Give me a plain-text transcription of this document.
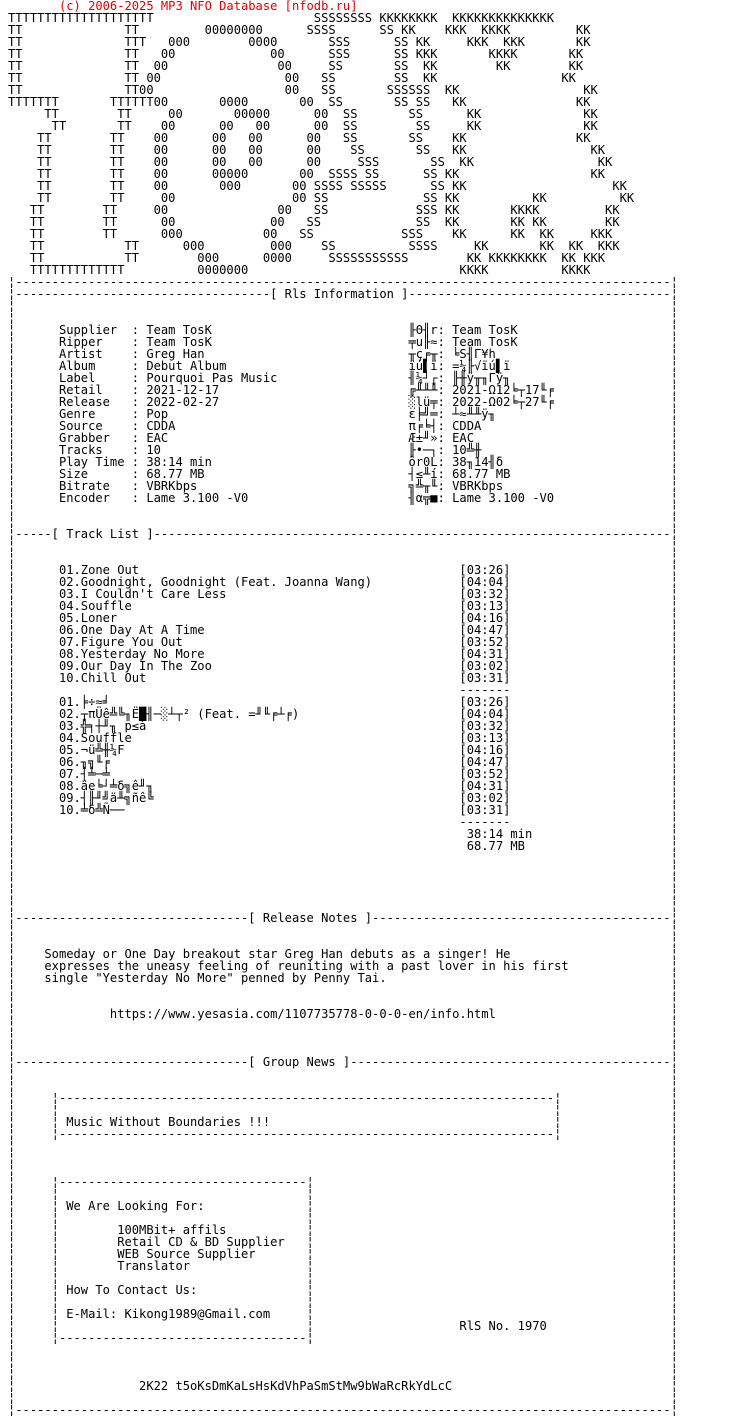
(c) 2006-2025 MP3 NFO Database [nfodb.ru]
TTTTTTTTTTTTTTTTTTTT                      SSSSSSSS KKKKKKKK  KKKKKKKKKKKKKK
TT              TT         00000000      SSSS      SS KK    KKK  KKKK         KK
TT              TTT   000        0000       SSS      SS KK     KKK  KKK       KK
TT              TT   00             00      SSS      SS KKK       KKKK       KK
TT              TT  00               00     SS       SS  KK        KK        KK
TT              TT 00                 00   SS        SS  KK                 KK
TT              TT00                  00   SS       SSSSSS  KK                 KK
TTTTTTT       TTTTTT00       0000       00  SS       SS SS   KK               KK
TT        TT     00       00000      00  SS       SS      KK              KK
TT       TT    00      00   00      00  SS        SS     KK              KK
TT        TT    00      00   00      00   SS       SS    KK               KK
TT        TT    00      00   00      00    SS       SS   KK                 KK
TT        TT    00      00   00      00     SSS       SS  KK                 KK
TT        TT    00      00000       00  SSSS SS      SS KK                  KK
TT        TT    00       000       00 SSSS SSSSS      SS KK                    KK
TT        TT     00                00 SS             SS KK          KK          KK
TT        TT     00               00   SS            SSS KK       KKKK         KK
TT        TT      00             00   SS             SS  KK       KK KK        KK
TT        TT      000           00   SS            SSS    KK      KK  KK     KKK
TT           TT      000         000    SS          SSSS     KK       KK  KK  KKK
TT           TT        000      0000     SSSSSSSSSSS        KK KKKKKKKK  KK KKK
TTTTTTTTTTTTT          0000000                             KKKK          KKKK
¦------------------------------------------------------------------------------------------¦
¦-----------------------------------[ Rls Information ]------------------------------------¦
¦                                                                                          ¦
¦                                                                                          ¦
¦      Supplier  : Team TosK                           ╟Θ╢r: Team TosK                     ¦
¦      Ripper    : Team TosK                           ╤u╟≈: Team TosK                     ¦
¦      Artist    : Greg Han                            ╥ç╒╥: ╘S╢Γ¥h                        ¦
¦      Album     : Debut Album                         ïú▌ï: =¼╟√ïú▌ï                      ¦
¦      Label     : Pourquoi Pas Music                  ╢¼┘┌: ╟╫ÿ╥╖Γÿ╖                      ¦
¦      Retail    : 2021-12-17                          ╔╨╨╨: 2021-Ω12╘┬17╙╒                ¦
¦      Release   : 2022-02-27                          ░lü╤: 2022-Ω02╘┬27╙╒                ¦
¦      Genre     : Pop                                 ε╞╝═: ┴≈╨╨ÿ╖                        ¦
¦      Source    : CDDA                                π╒╘┤: CDDA                          ¦
¦      Grabber   : EAC                                 Æ±╜»: EAC                           ¦
¦      Tracks    : 10                                  ╟•─┐: 10╩╫                          ¦
¦      Play Time : 38:14 min                           ôr0L: 38╖14╢δ                       ¦
¦      Size      : 68.77 MB                            ┤≤╨í: 68.77 MB                      ¦
¦      Bitrate   : VBRKbps                             ╗╩╥╙: VBRKbps                       ¦
¦      Encoder   : Lame 3.100 -V0                      ╢α╦■: Lame 3.100 -V0                ¦
¦                                                                                          ¦
¦                                                                                          ¦
¦-----[ Track List ]-----------------------------------------------------------------------¦
¦                                                                                          ¦
¦                                                                                          ¦
¦      01.Zone Out                                            [03:26]                      ¦
¦      02.Goodnight, Goodnight (Feat. Joanna Wang)            [04:04]                      ¦
¦      03.I Couldn't Care Less                                [03:32]                      ¦
¦      04.Souffle                                             [03:13]                      ¦
¦      05.Loner                                               [04:16]                      ¦
¦      06.One Day At A Time                                   [04:47]                      ¦
¦      07.Figure You Out                                      [03:52]                      ¦
¦      08.Yesterday No More                                   [04:31]                      ¦
¦      09.Our Day In The Zoo                                  [03:02]                      ¦
¦      10.Chill Out                                           [03:31]                      ¦
¦                                                             -------                      ¦
¦      01.╞÷≈╛                                                [03:26]                      ¦
¦      02.┬πÜê╩╚╖Ё█╢─░┴┬² (Feat. =╜╙╒┴╒)                      [04:04]                      ¦
¦      03.╬╕┼╜╖ p≤à                                           [03:32]                      ¦
¦      04.Souffle                                             [03:13]                      ¦
¦      05.¬ü╩╫¼F                                              [04:16]                      ¦
¦      06.╖╗╙╒                                                [04:47]                      ¦
¦      07.┤╧─╧                                                [03:52]                      ¦
¦      08.äe╘┘╧δ╗ê╜╖                                          [04:31]                      ¦
¦      09.┤╟╜╝ä╨╗ñê╚                                          [03:02]                      ¦
¦      10.╧δ╩Ñ──                                              [03:31]                      ¦
¦                                                             -------                      ¦
¦                                                              38:14 min                   ¦
¦                                                              68.77 MB                    ¦
¦                                                                                          ¦
¦                                                                                          ¦
¦                                                                                          ¦
¦                                                                                          ¦
¦                                                                                          ¦
¦--------------------------------[ Release Notes ]-----------------------------------------¦
¦                                                                                          ¦
¦                                                                                          ¦
¦    Someday or One Day breakout star Greg Han debuts as a singer! He                      ¦
¦    expresses the uneasy feeling of reuniting with a past lover in his first              ¦
¦    single "Yesterday No More" penned by Penny Tai.                                       ¦
¦                                                                                          ¦
¦                                                                                          ¦
¦             https://www.yesasia.com/1107735778-0-0-0-en/info.html                        ¦
¦                                                                                          ¦
¦                                                                                          ¦
¦                                                                                          ¦
¦--------------------------------[ Group News ]--------------------------------------------¦
¦                                                                                          ¦
¦                                                                                          ¦
¦     ¦--------------------------------------------------------------------¦               ¦
¦     ¦                                                                    ¦               ¦
¦     ¦ Music Without Boundaries !!!                                       ¦               ¦
¦     ¦--------------------------------------------------------------------¦               ¦
¦                                                                                          ¦
¦                                                                                          ¦
¦                                                                                          ¦
¦     ¦----------------------------------¦                                                 ¦
¦     ¦                                  ¦                                                 ¦
¦     ¦ We Are Looking For:              ¦                                                 ¦
¦     ¦                                  ¦                                                 ¦
¦     ¦        100MBit+ affils           ¦                                                 ¦
¦     ¦        Retail CD & BD Supplier   ¦                                                 ¦
¦     ¦        WEB Source Supplier       ¦                                                 ¦
¦     ¦        Translator                ¦                                                 ¦
¦     ¦                                  ¦                                                 ¦
¦     ¦ How To Contact Us:               ¦                                                 ¦
¦     ¦                                  ¦                                                 ¦
¦     ¦ E-Mail: Kikong1989@Gmail.com     ¦                                                 ¦
¦     ¦                                  ¦                    RlS No. 1970                 ¦
¦     ¦----------------------------------¦                                                 ¦
¦                                                                                          ¦
¦                                                                                          ¦
¦                                                                                          ¦
¦                 2K22 t5oKsDmKaLsHsKdVhPaSmStMw9bWaRcRkYdLcC                              ¦
¦                                                                                          ¦
¦------------------------------------------------------------------------------------------¦
